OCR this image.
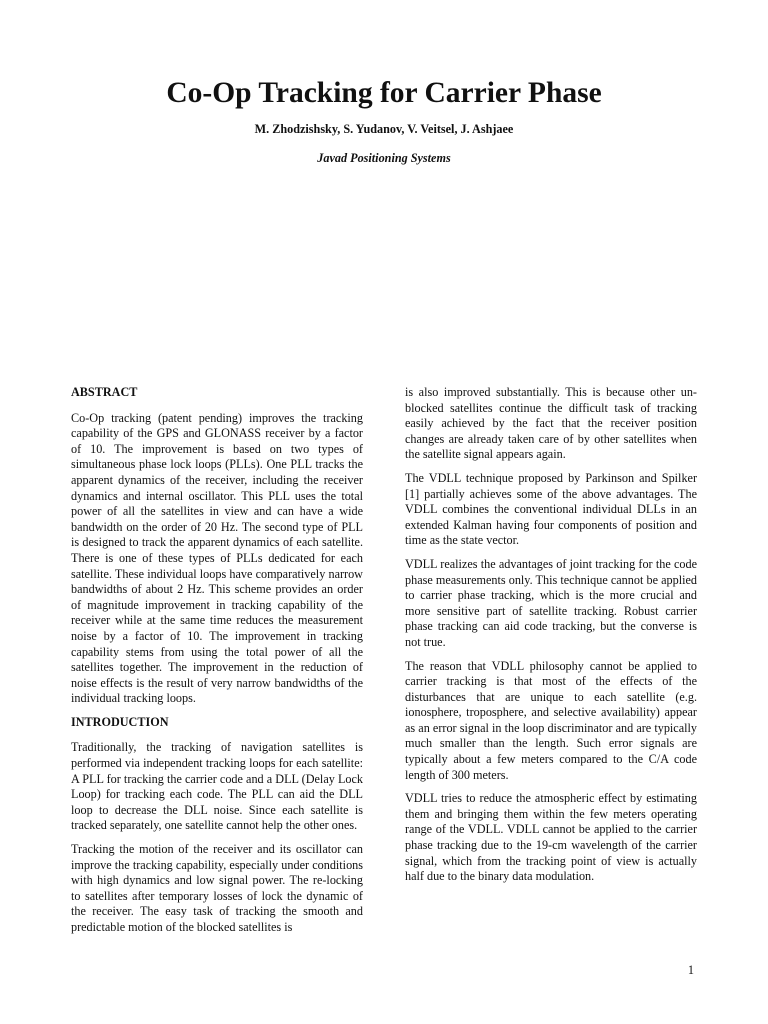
Co-Op Tracking for Carrier Phase
M. Zhodzishsky, S. Yudanov, V. Veitsel, J. Ashjaee
Javad Positioning Systems
ABSTRACT

Co-Op tracking (patent pending) improves the tracking capability of the GPS and GLONASS receiver by a factor of 10. The improvement is based on two types of simultaneous phase lock loops (PLLs). One PLL tracks the apparent dynamics of the receiver, including the receiver dynamics and internal oscillator. This PLL uses the total power of all the satellites in view and can have a wide bandwidth on the order of 20 Hz. The second type of PLL is designed to track the apparent dynamics of each satellite. There is one of these types of PLLs dedicated for each satellite. These individual loops have comparatively narrow bandwidths of about 2 Hz. This scheme provides an order of magnitude improvement in tracking capability of the receiver while at the same time reduces the measurement noise by a factor of 10. The improvement in tracking capability stems from using the total power of all the satellites together. The improvement in the reduction of noise effects is the result of very narrow bandwidths of the individual tracking loops.

INTRODUCTION

Traditionally, the tracking of navigation satellites is performed via independent tracking loops for each satellite: A PLL for tracking the carrier code and a DLL (Delay Lock Loop) for tracking each code. The PLL can aid the DLL loop to decrease the DLL noise. Since each satellite is tracked separately, one satellite cannot help the other ones.

Tracking the motion of the receiver and its oscillator can improve the tracking capability, especially under conditions with high dynamics and low signal power. The re-locking to satellites after temporary losses of lock the dynamic of the receiver. The easy task of tracking the smooth and predictable motion of the blocked satellites is

is also improved substantially. This is because other un-blocked satellites continue the difficult task of tracking easily achieved by the fact that the receiver position changes are already taken care of by other satellites when the satellite signal appears again.

The VDLL technique proposed by Parkinson and Spilker [1] partially achieves some of the above advantages. The VDLL combines the conventional individual DLLs in an extended Kalman having four components of position and time as the state vector.

VDLL realizes the advantages of joint tracking for the code phase measurements only. This technique cannot be applied to carrier phase tracking, which is the more crucial and more sensitive part of satellite tracking. Robust carrier phase tracking can aid code tracking, but the converse is not true.

The reason that VDLL philosophy cannot be applied to carrier tracking is that most of the effects of the disturbances that are unique to each satellite (e.g. ionosphere, troposphere, and selective availability) appear as an error signal in the loop discriminator and are typically much smaller than the length. Such error signals are typically about a few meters compared to the C/A code length of 300 meters.

VDLL tries to reduce the atmospheric effect by estimating them and bringing them within the few meters operating range of the VDLL. VDLL cannot be applied to the carrier phase tracking due to the 19-cm wavelength of the carrier signal, which from the tracking point of view is actually half due to the binary data modulation.

1
